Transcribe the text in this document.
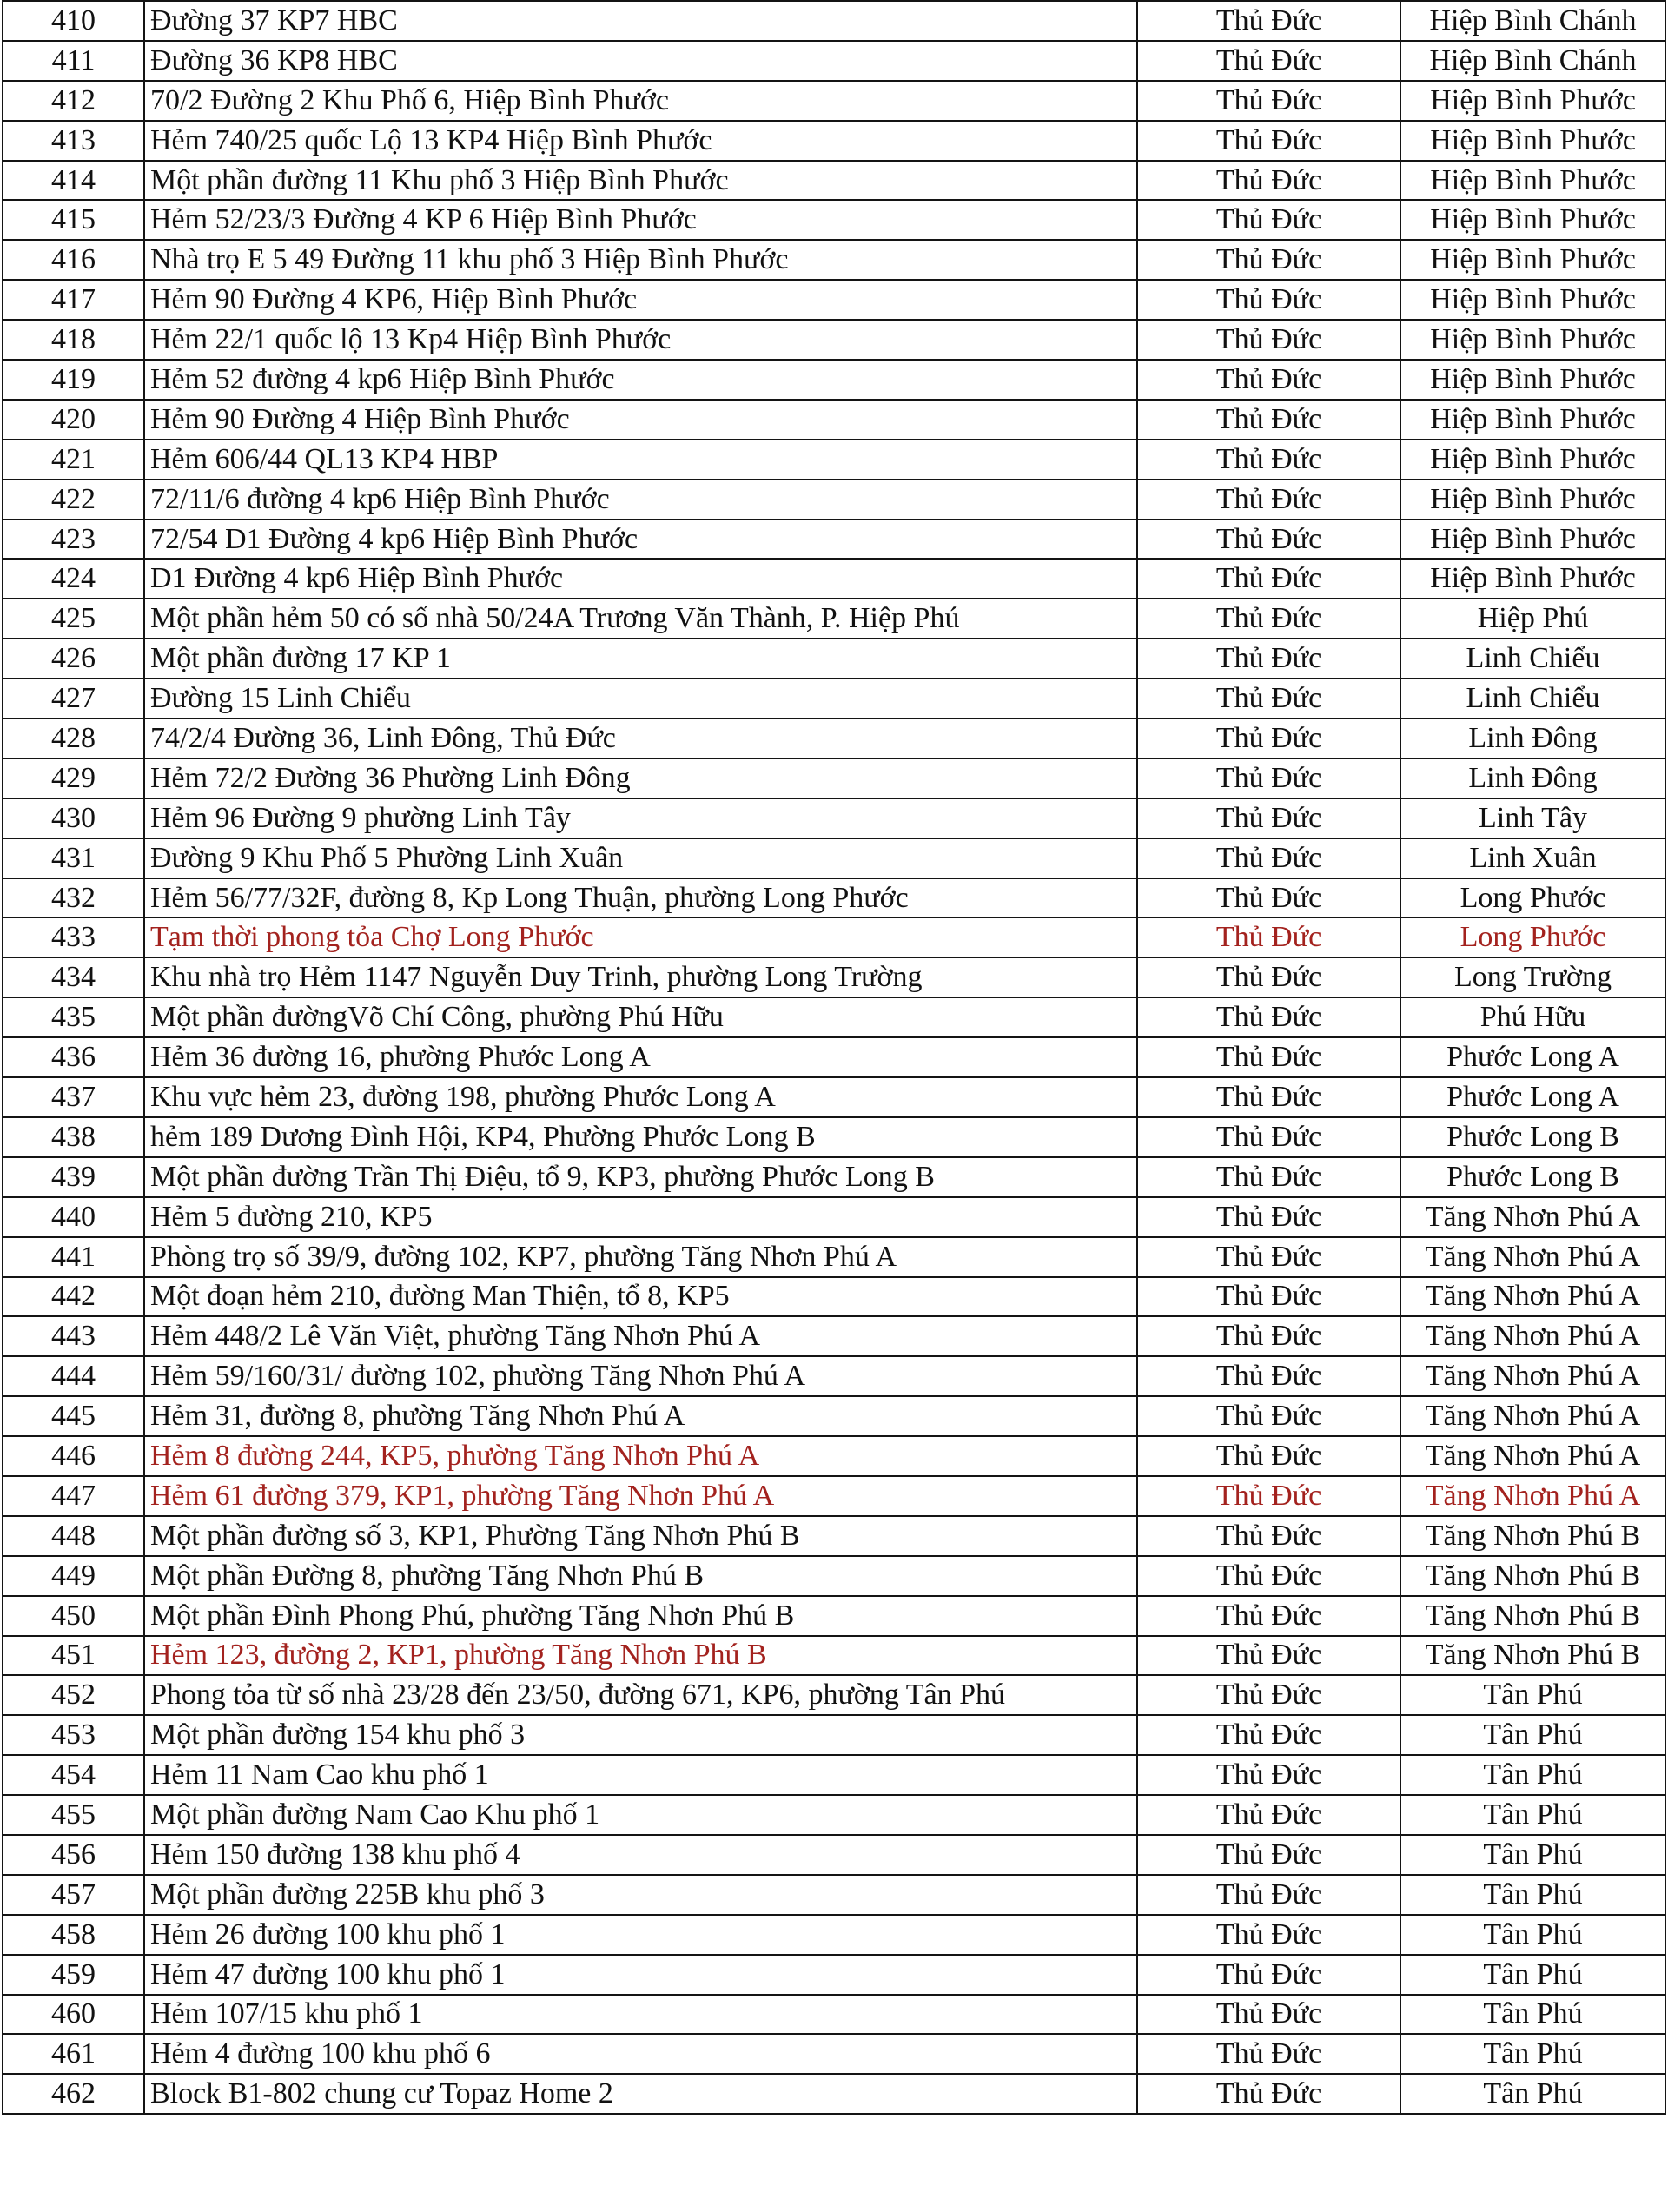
410	Đường 37 KP7 HBC	Thủ Đức	Hiệp Bình Chánh
411	Đường 36 KP8 HBC	Thủ Đức	Hiệp Bình Chánh
412	70/2 Đường 2 Khu Phố 6, Hiệp Bình Phước	Thủ Đức	Hiệp Bình Phước
413	Hẻm 740/25 quốc Lộ 13 KP4 Hiệp Bình Phước	Thủ Đức	Hiệp Bình Phước
414	Một phần đường 11 Khu phố 3 Hiệp Bình Phước	Thủ Đức	Hiệp Bình Phước
415	Hẻm 52/23/3 Đường 4 KP 6 Hiệp Bình Phước	Thủ Đức	Hiệp Bình Phước
416	Nhà trọ E 5 49 Đường 11 khu phố 3 Hiệp Bình Phước	Thủ Đức	Hiệp Bình Phước
417	Hẻm 90 Đường 4 KP6, Hiệp Bình Phước	Thủ Đức	Hiệp Bình Phước
418	Hẻm 22/1 quốc lộ 13 Kp4 Hiệp Bình Phước	Thủ Đức	Hiệp Bình Phước
419	Hẻm 52 đường 4 kp6 Hiệp Bình Phước	Thủ Đức	Hiệp Bình Phước
420	Hẻm 90 Đường 4 Hiệp Bình Phước	Thủ Đức	Hiệp Bình Phước
421	Hẻm 606/44 QL13 KP4 HBP	Thủ Đức	Hiệp Bình Phước
422	72/11/6 đường 4 kp6 Hiệp Bình Phước	Thủ Đức	Hiệp Bình Phước
423	72/54 D1 Đường 4 kp6 Hiệp Bình Phước	Thủ Đức	Hiệp Bình Phước
424	D1 Đường 4 kp6 Hiệp Bình Phước	Thủ Đức	Hiệp Bình Phước
425	Một phần hẻm 50 có số nhà 50/24A Trương Văn Thành, P. Hiệp Phú	Thủ Đức	Hiệp Phú
426	Một phần đường 17 KP 1	Thủ Đức	Linh Chiểu
427	Đường 15 Linh Chiểu	Thủ Đức	Linh Chiểu
428	74/2/4 Đường 36, Linh Đông, Thủ Đức	Thủ Đức	Linh Đông
429	Hẻm 72/2 Đường 36 Phường Linh Đông	Thủ Đức	Linh Đông
430	Hẻm 96 Đường 9 phường Linh Tây	Thủ Đức	Linh Tây
431	Đường 9 Khu Phố 5 Phường Linh Xuân	Thủ Đức	Linh Xuân
432	Hẻm 56/77/32F, đường 8, Kp Long Thuận, phường Long Phước	Thủ Đức	Long Phước
433	Tạm thời phong tỏa Chợ Long Phước	Thủ Đức	Long Phước
434	Khu nhà trọ Hẻm 1147 Nguyễn Duy Trinh, phường Long Trường	Thủ Đức	Long Trường
435	Một phần đườngVõ Chí Công, phường Phú Hữu	Thủ Đức	Phú Hữu
436	Hẻm 36 đường 16, phường Phước Long A	Thủ Đức	Phước Long A
437	Khu vực hẻm 23, đường 198, phường Phước Long A	Thủ Đức	Phước Long A
438	hẻm 189 Dương Đình Hội, KP4, Phường Phước Long B	Thủ Đức	Phước Long B
439	Một phần đường Trần Thị Điệu, tổ 9, KP3, phường Phước Long B	Thủ Đức	Phước Long B
440	Hẻm 5 đường 210, KP5	Thủ Đức	Tăng Nhơn Phú A
441	Phòng trọ số 39/9, đường 102, KP7, phường Tăng Nhơn Phú A	Thủ Đức	Tăng Nhơn Phú A
442	Một đoạn hẻm 210, đường Man Thiện, tổ 8, KP5	Thủ Đức	Tăng Nhơn Phú A
443	Hẻm 448/2 Lê Văn Việt, phường Tăng Nhơn Phú A	Thủ Đức	Tăng Nhơn Phú A
444	Hẻm 59/160/31/ đường 102, phường Tăng Nhơn Phú A	Thủ Đức	Tăng Nhơn Phú A
445	Hẻm 31, đường 8, phường Tăng Nhơn Phú A	Thủ Đức	Tăng Nhơn Phú A
446	Hẻm 8 đường 244, KP5, phường Tăng Nhơn Phú A	Thủ Đức	Tăng Nhơn Phú A
447	Hẻm 61 đường 379, KP1, phường Tăng Nhơn Phú A	Thủ Đức	Tăng Nhơn Phú A
448	Một phần đường số 3, KP1, Phường Tăng Nhơn Phú B	Thủ Đức	Tăng Nhơn Phú B
449	Một phần Đường 8, phường Tăng Nhơn Phú B	Thủ Đức	Tăng Nhơn Phú B
450	Một phần Đình Phong Phú, phường Tăng Nhơn Phú B	Thủ Đức	Tăng Nhơn Phú B
451	Hẻm 123, đường 2, KP1, phường Tăng Nhơn Phú B	Thủ Đức	Tăng Nhơn Phú B
452	Phong tỏa từ số nhà 23/28 đến 23/50, đường 671, KP6, phường Tân Phú	Thủ Đức	Tân Phú
453	Một phần đường 154 khu phố 3	Thủ Đức	Tân Phú
454	Hẻm 11 Nam Cao khu phố 1	Thủ Đức	Tân Phú
455	Một phần đường Nam Cao Khu phố 1	Thủ Đức	Tân Phú
456	Hẻm 150 đường 138 khu phố 4	Thủ Đức	Tân Phú
457	Một phần đường 225B khu phố 3	Thủ Đức	Tân Phú
458	Hẻm 26 đường 100 khu phố 1	Thủ Đức	Tân Phú
459	Hẻm 47 đường 100 khu phố 1	Thủ Đức	Tân Phú
460	Hẻm 107/15 khu phố 1	Thủ Đức	Tân Phú
461	Hẻm 4 đường 100 khu phố 6	Thủ Đức	Tân Phú
462	Block B1-802 chung cư Topaz Home 2	Thủ Đức	Tân Phú
